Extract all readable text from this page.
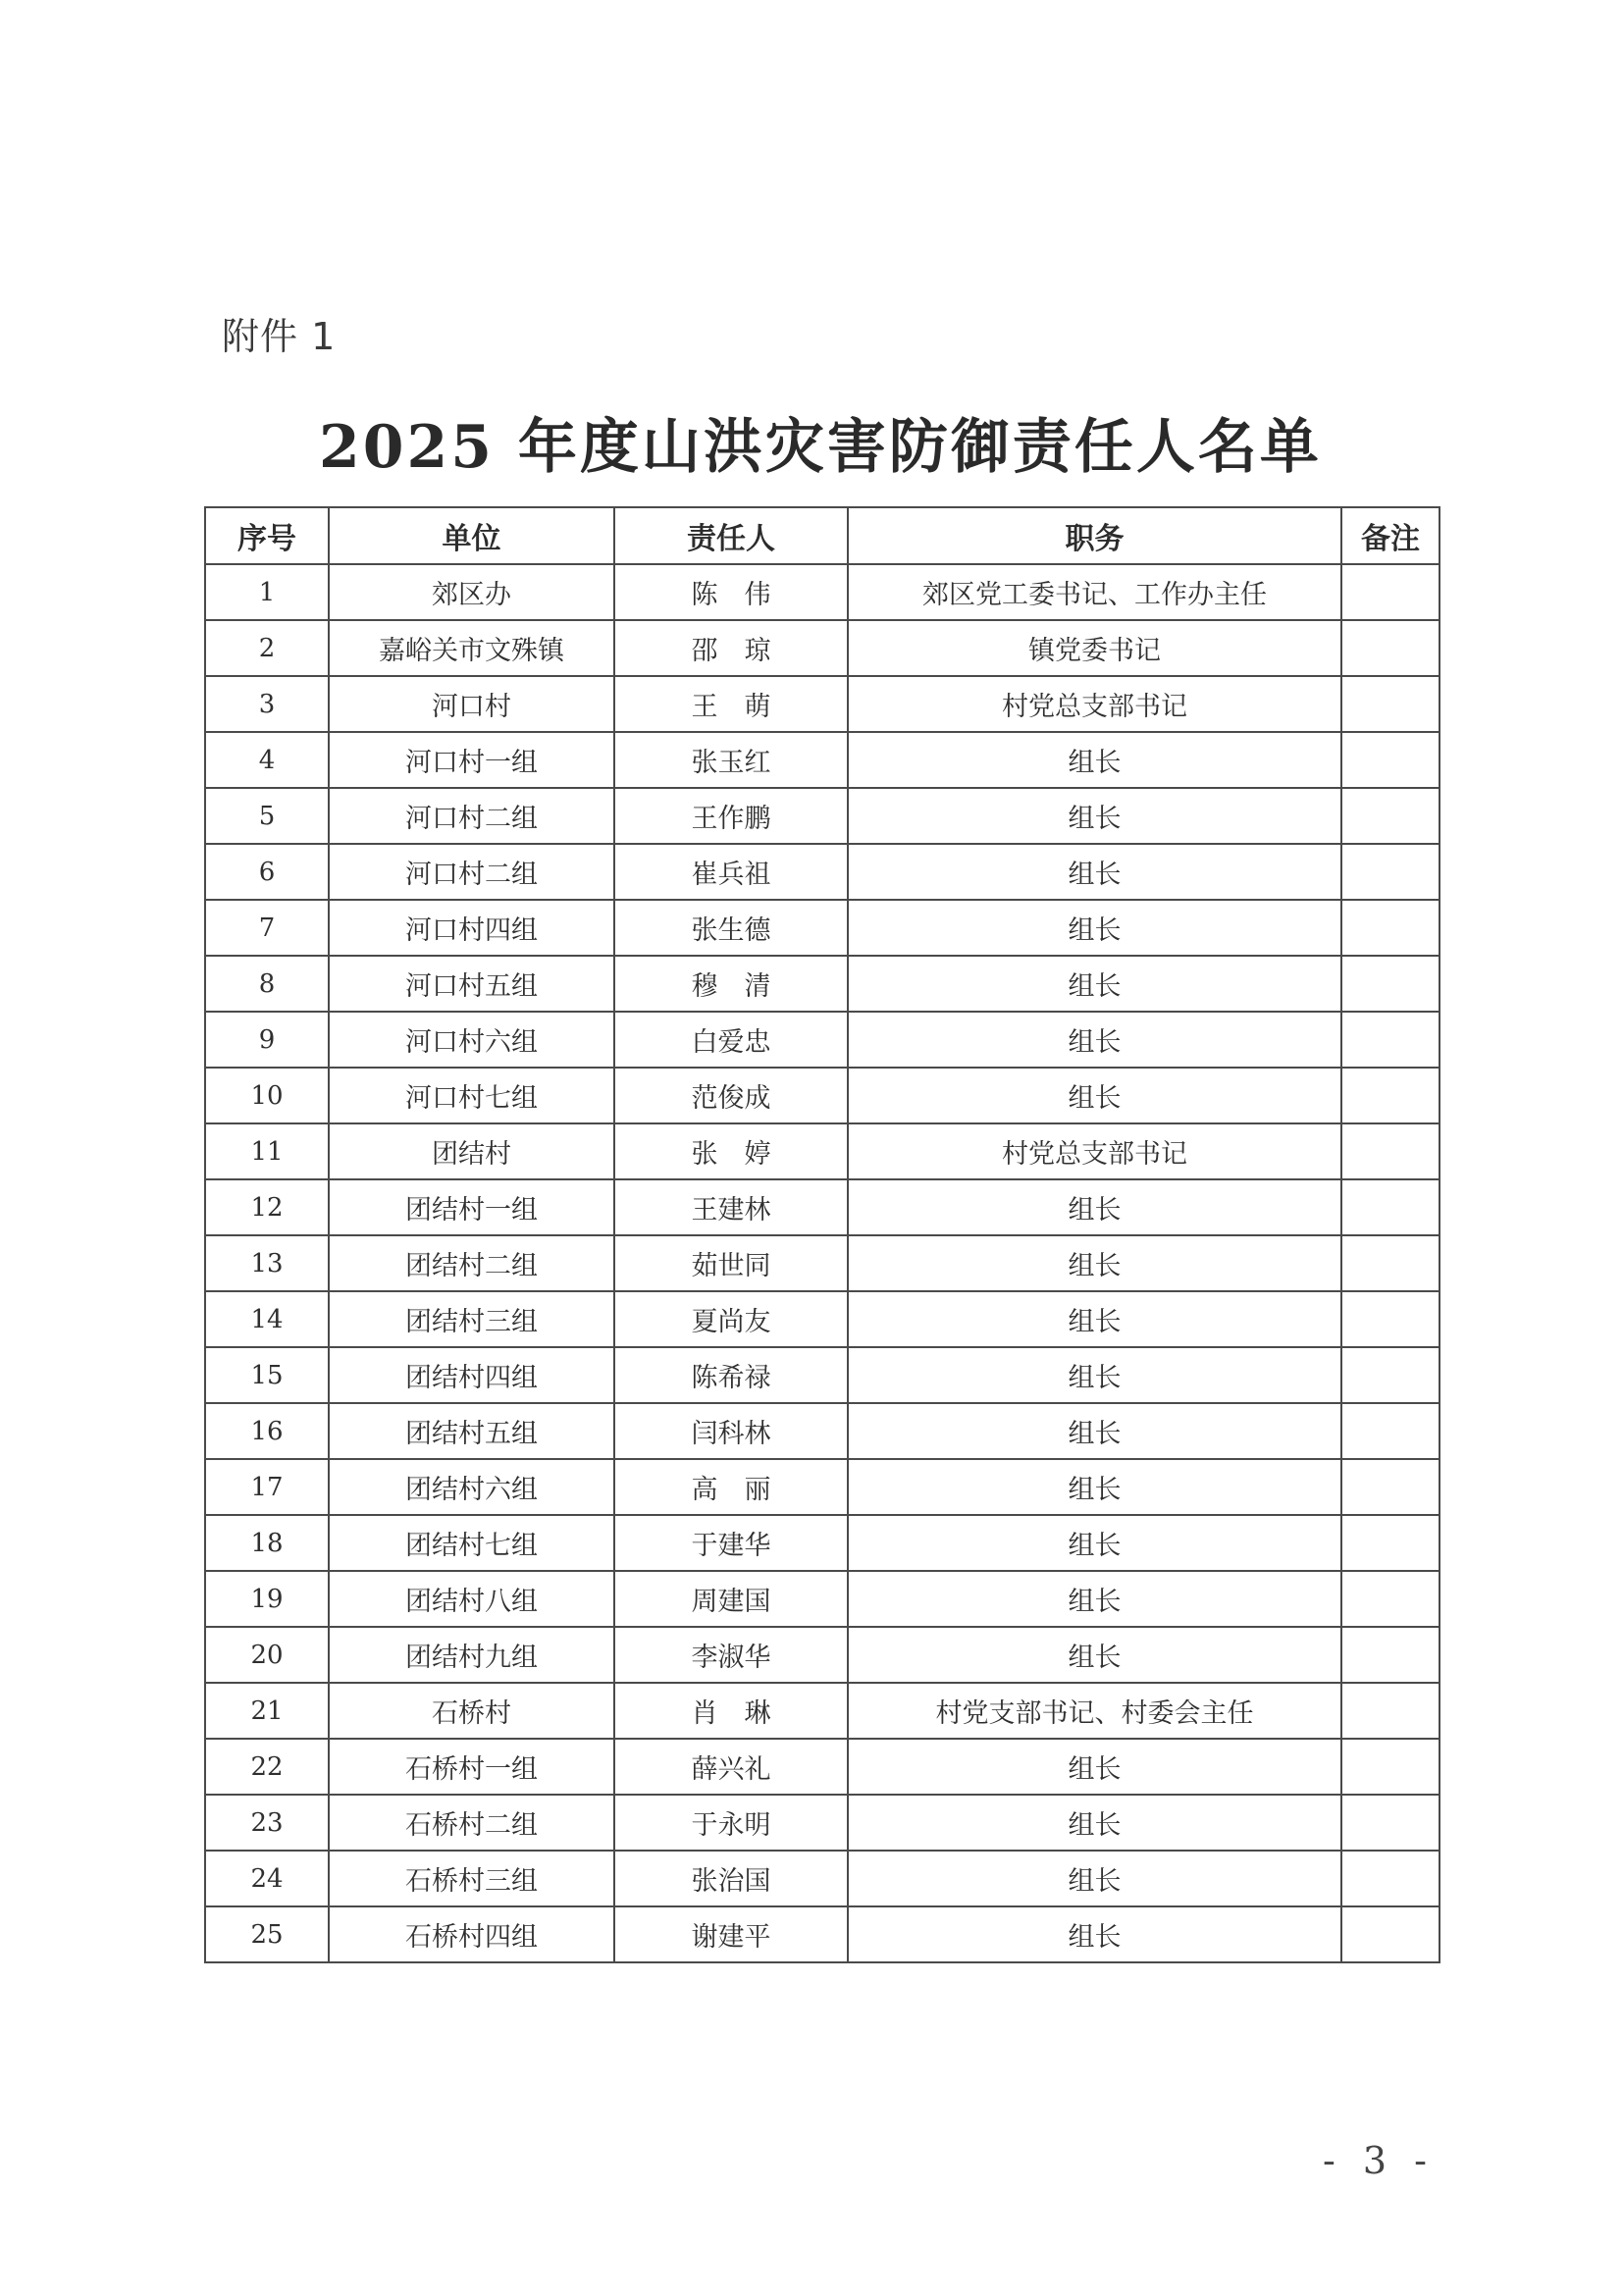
附件 1
2025 年度山洪灾害防御责任人名单
序号	单位	责任人	职务	备注
1	郊区办	陈　伟	郊区党工委书记、工作办主任	
2	嘉峪关市文殊镇	邵　琼	镇党委书记	
3	河口村	王　萌	村党总支部书记	
4	河口村一组	张玉红	组长	
5	河口村二组	王作鹏	组长	
6	河口村二组	崔兵祖	组长	
7	河口村四组	张生德	组长	
8	河口村五组	穆　清	组长	
9	河口村六组	白爱忠	组长	
10	河口村七组	范俊成	组长	
11	团结村	张　婷	村党总支部书记	
12	团结村一组	王建林	组长	
13	团结村二组	茹世同	组长	
14	团结村三组	夏尚友	组长	
15	团结村四组	陈希禄	组长	
16	团结村五组	闫科林	组长	
17	团结村六组	高　丽	组长	
18	团结村七组	于建华	组长	
19	团结村八组	周建国	组长	
20	团结村九组	李淑华	组长	
21	石桥村	肖　琳	村党支部书记、村委会主任	
22	石桥村一组	薛兴礼	组长	
23	石桥村二组	于永明	组长	
24	石桥村三组	张治国	组长	
25	石桥村四组	谢建平	组长	
- 3 -
